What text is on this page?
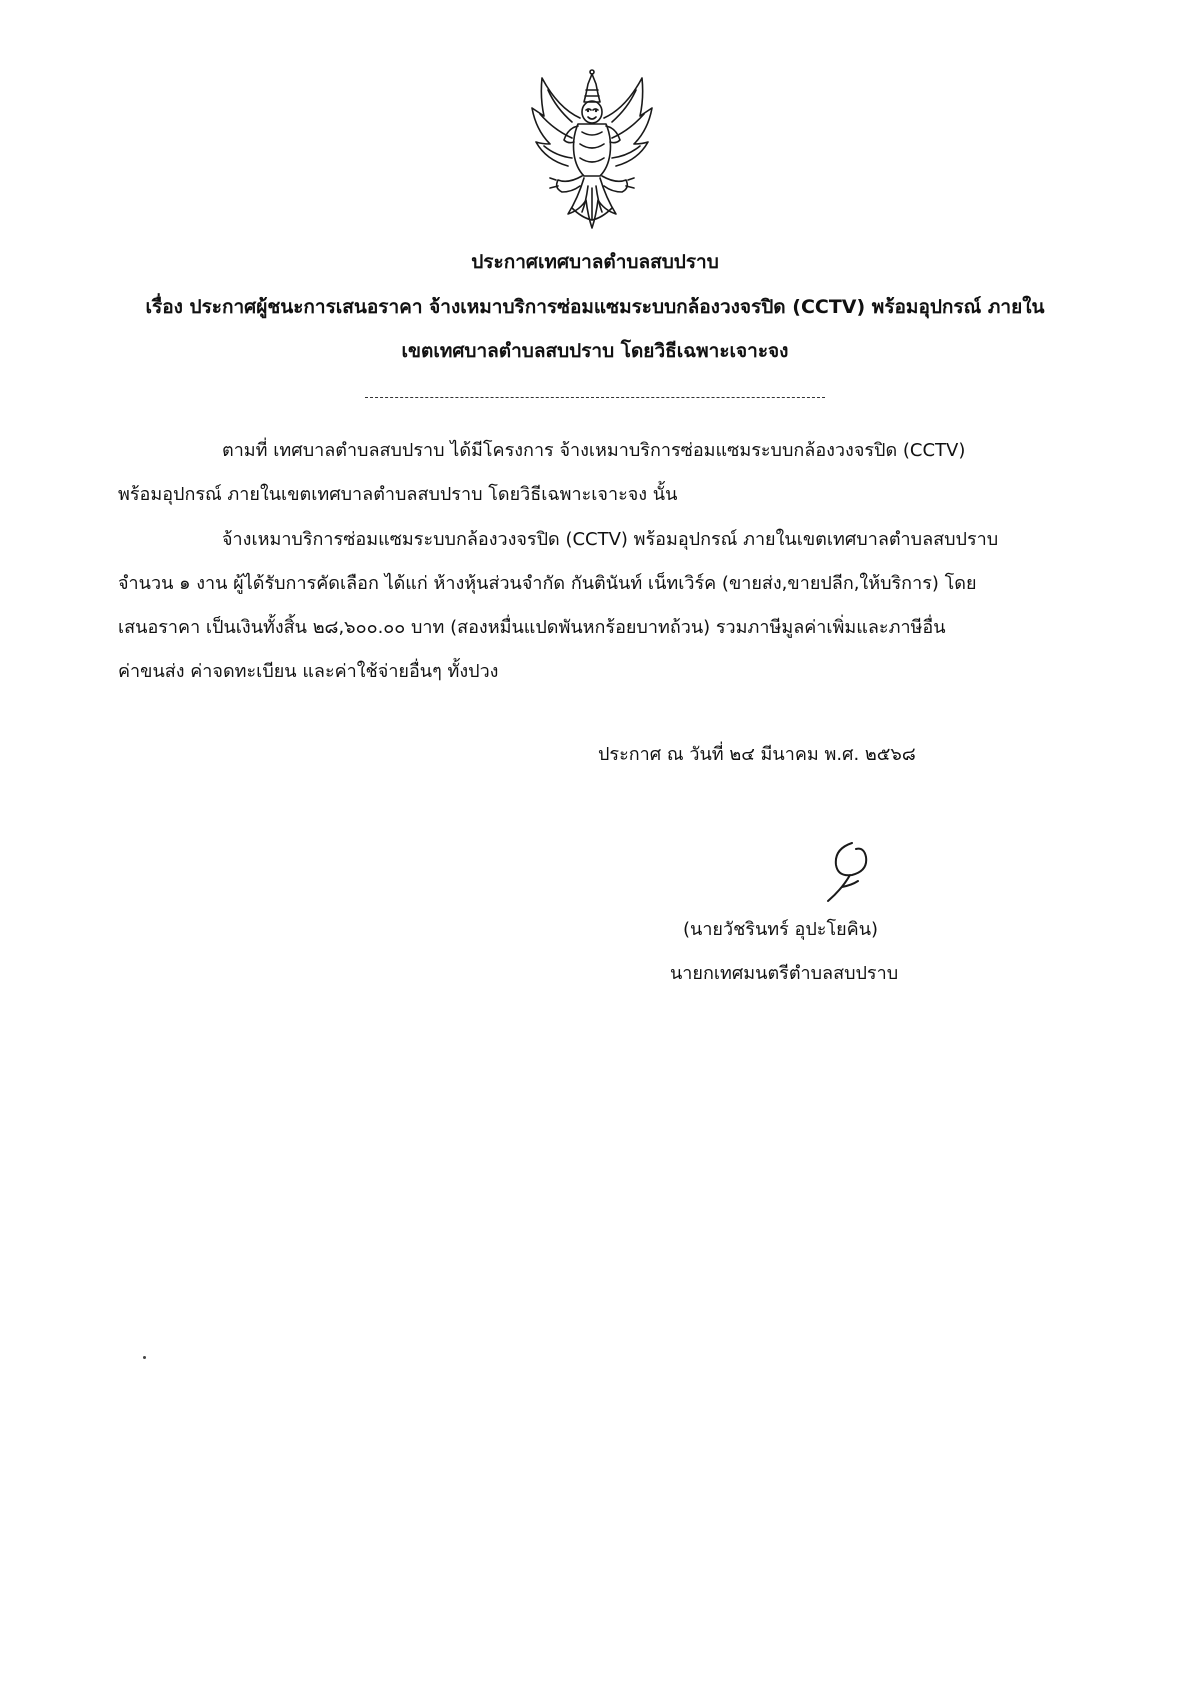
ประกาศเทศบาลตำบลสบปราบ
เรื่อง ประกาศผู้ชนะการเสนอราคา จ้างเหมาบริการซ่อมแซมระบบกล้องวงจรปิด (CCTV) พร้อมอุปกรณ์ ภายใน
เขตเทศบาลตำบลสบปราบ โดยวิธีเฉพาะเจาะจง
ตามที่ เทศบาลตำบลสบปราบ ได้มีโครงการ จ้างเหมาบริการซ่อมแซมระบบกล้องวงจรปิด (CCTV)
พร้อมอุปกรณ์ ภายในเขตเทศบาลตำบลสบปราบ โดยวิธีเฉพาะเจาะจง นั้น
จ้างเหมาบริการซ่อมแซมระบบกล้องวงจรปิด (CCTV) พร้อมอุปกรณ์ ภายในเขตเทศบาลตำบลสบปราบ
จำนวน ๑ งาน ผู้ได้รับการคัดเลือก ได้แก่ ห้างหุ้นส่วนจำกัด กันตินันท์ เน็ทเวิร์ค (ขายส่ง,ขายปลีก,ให้บริการ) โดย
เสนอราคา เป็นเงินทั้งสิ้น ๒๘,๖๐๐.๐๐ บาท (สองหมื่นแปดพันหกร้อยบาทถ้วน) รวมภาษีมูลค่าเพิ่มและภาษีอื่น
ค่าขนส่ง ค่าจดทะเบียน และค่าใช้จ่ายอื่นๆ ทั้งปวง
ประกาศ ณ วันที่ ๒๔ มีนาคม พ.ศ. ๒๕๖๘
(นายวัชรินทร์ อุปะโยคิน)
นายกเทศมนตรีตำบลสบปราบ
